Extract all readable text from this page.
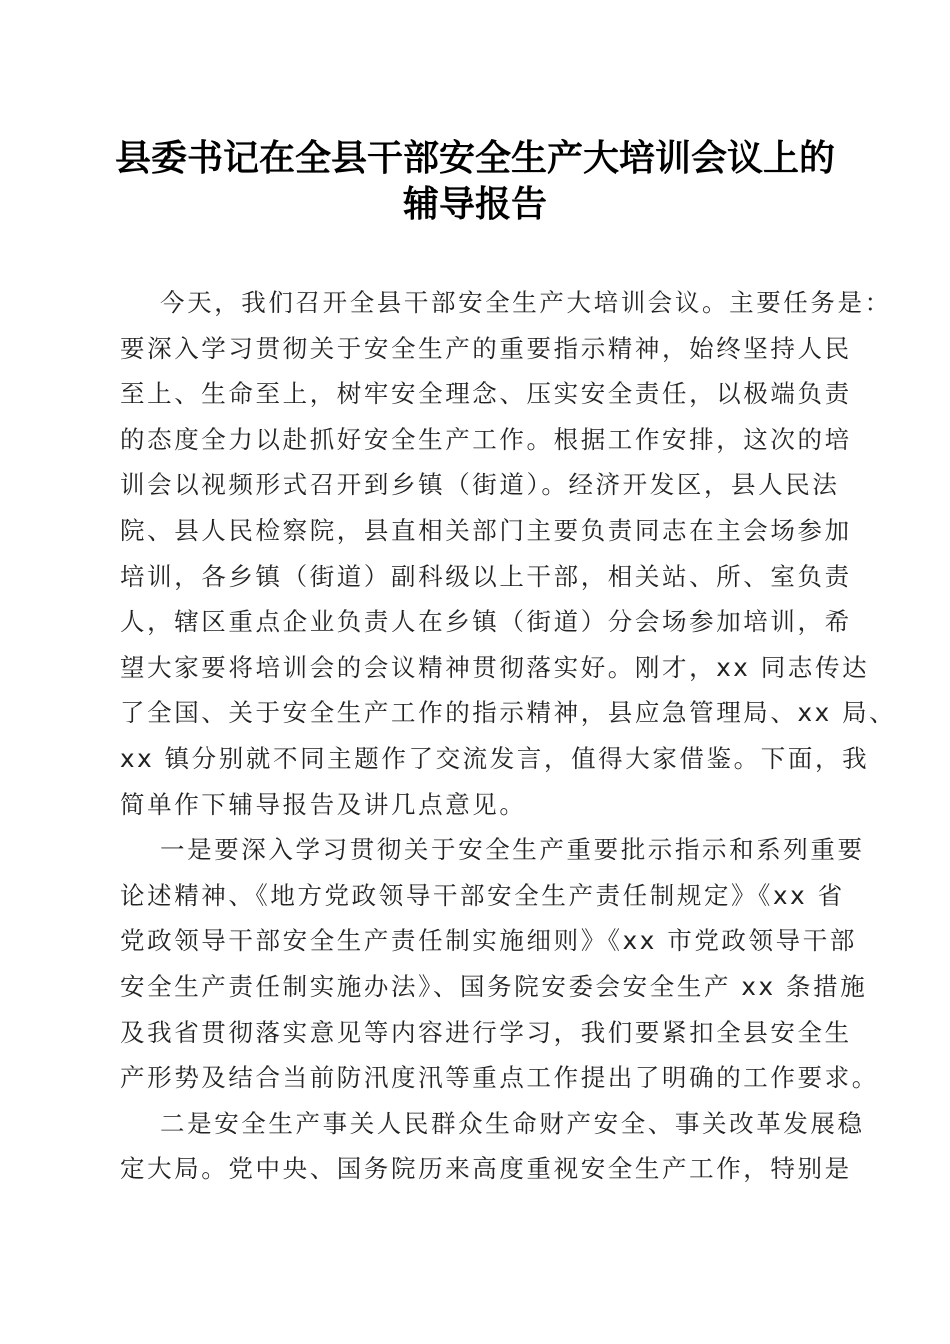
县委书记在全县干部安全生产大培训会议上的
辅导报告

今天，我们召开全县干部安全生产大培训会议。主要任务是：
要深入学习贯彻关于安全生产的重要指示精神，始终坚持人民
至上、生命至上，树牢安全理念、压实安全责任，以极端负责
的态度全力以赴抓好安全生产工作。根据工作安排，这次的培
训会以视频形式召开到乡镇（街道）。经济开发区，县人民法
院、县人民检察院，县直相关部门主要负责同志在主会场参加
培训，各乡镇（街道）副科级以上干部，相关站、所、室负责
人，辖区重点企业负责人在乡镇（街道）分会场参加培训，希
望大家要将培训会的会议精神贯彻落实好。刚才，xx 同志传达
了全国、关于安全生产工作的指示精神，县应急管理局、xx 局、
xx 镇分别就不同主题作了交流发言，值得大家借鉴。下面，我
简单作下辅导报告及讲几点意见。

一是要深入学习贯彻关于安全生产重要批示指示和系列重要
论述精神、《地方党政领导干部安全生产责任制规定》《xx 省
党政领导干部安全生产责任制实施细则》《xx 市党政领导干部
安全生产责任制实施办法》、国务院安委会安全生产 xx 条措施
及我省贯彻落实意见等内容进行学习，我们要紧扣全县安全生
产形势及结合当前防汛度汛等重点工作提出了明确的工作要求。

二是安全生产事关人民群众生命财产安全、事关改革发展稳
定大局。党中央、国务院历来高度重视安全生产工作，特别是
